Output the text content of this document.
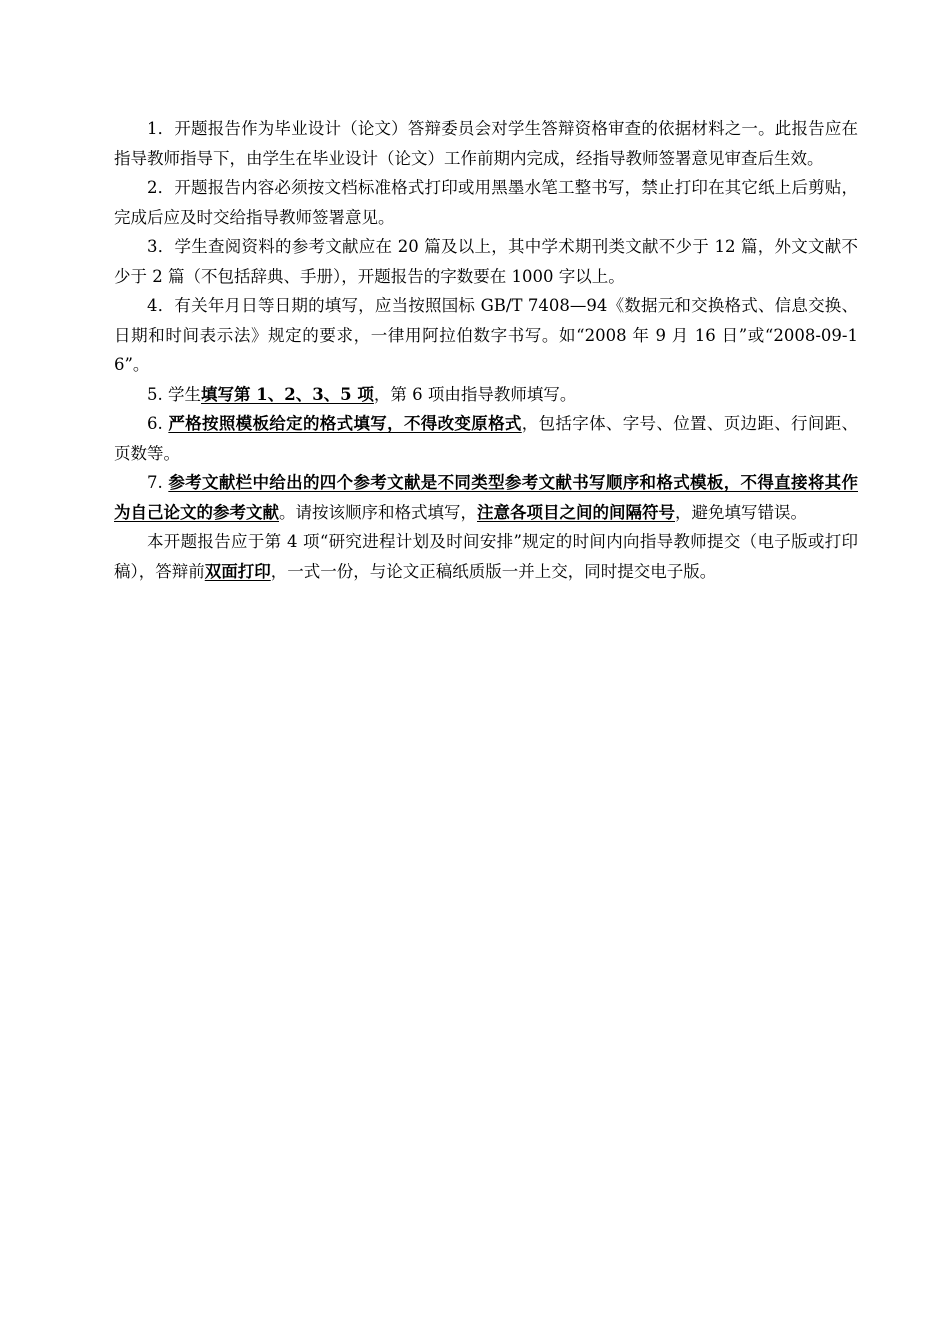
1．开题报告作为毕业设计（论文）答辩委员会对学生答辩资格审查的依据材料之一。此报告应在指导教师指导下，由学生在毕业设计（论文）工作前期内完成，经指导教师签署意见审查后生效。

2．开题报告内容必须按文档标准格式打印或用黑墨水笔工整书写，禁止打印在其它纸上后剪贴，完成后应及时交给指导教师签署意见。

3．学生查阅资料的参考文献应在 20 篇及以上，其中学术期刊类文献不少于 12 篇，外文文献不少于 2 篇（不包括辞典、手册），开题报告的字数要在 1000 字以上。

4．有关年月日等日期的填写，应当按照国标 GB/T 7408—94《数据元和交换格式、信息交换、日期和时间表示法》规定的要求，一律用阿拉伯数字书写。如“2008 年 9 月 16 日”或“2008-09-16”。

5. 学生填写第 1、2、3、5 项，第 6 项由指导教师填写。

6. 严格按照模板给定的格式填写，不得改变原格式，包括字体、字号、位置、页边距、行间距、页数等。

7. 参考文献栏中给出的四个参考文献是不同类型参考文献书写顺序和格式模板，不得直接将其作为自己论文的参考文献。请按该顺序和格式填写，注意各项目之间的间隔符号，避免填写错误。

本开题报告应于第 4 项“研究进程计划及时间安排”规定的时间内向指导教师提交（电子版或打印稿），答辩前双面打印，一式一份，与论文正稿纸质版一并上交，同时提交电子版。
